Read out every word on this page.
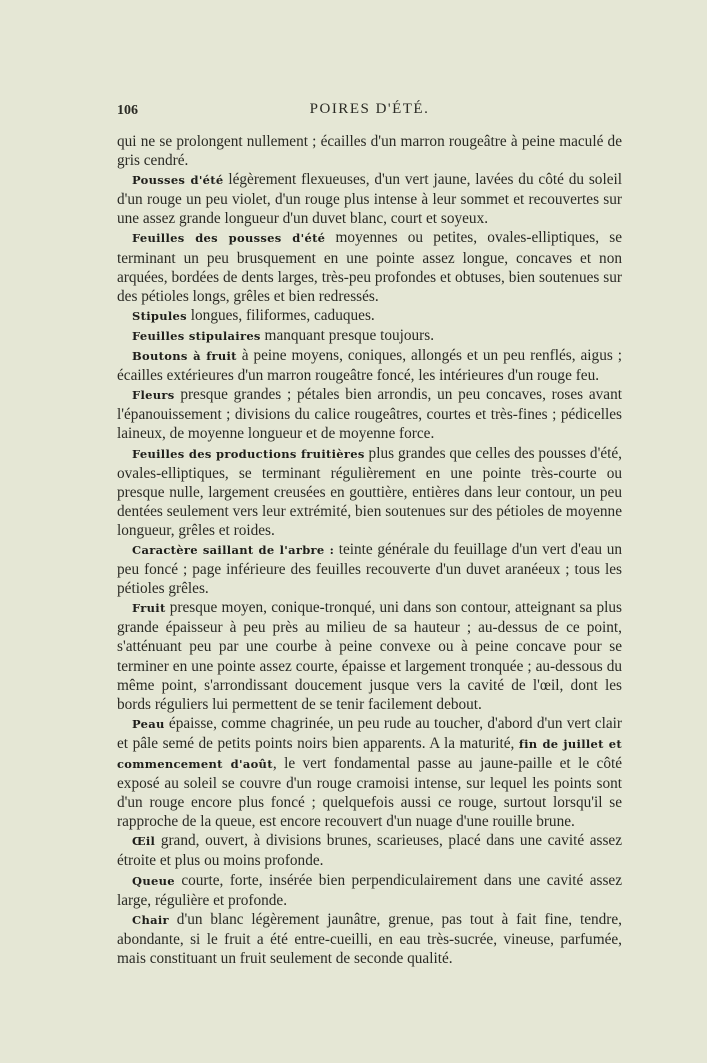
106	POIRES D'ÉTÉ.

qui ne se prolongent nullement ; écailles d'un marron rougeâtre à peine maculé de gris cendré.

Pousses d'été légèrement flexueuses, d'un vert jaune, lavées du côté du soleil d'un rouge un peu violet, d'un rouge plus intense à leur sommet et recouvertes sur une assez grande longueur d'un duvet blanc, court et soyeux.

Feuilles des pousses d'été moyennes ou petites, ovales-elliptiques, se terminant un peu brusquement en une pointe assez longue, concaves et non arquées, bordées de dents larges, très-peu profondes et obtuses, bien soutenues sur des pétioles longs, grêles et bien redressés.

Stipules longues, filiformes, caduques.

Feuilles stipulaires manquant presque toujours.

Boutons à fruit à peine moyens, coniques, allongés et un peu renflés, aigus ; écailles extérieures d'un marron rougeâtre foncé, les intérieures d'un rouge feu.

Fleurs presque grandes ; pétales bien arrondis, un peu concaves, roses avant l'épanouissement ; divisions du calice rougeâtres, courtes et très-fines ; pédicelles laineux, de moyenne longueur et de moyenne force.

Feuilles des productions fruitières plus grandes que celles des pousses d'été, ovales-elliptiques, se terminant régulièrement en une pointe très-courte ou presque nulle, largement creusées en gouttière, entières dans leur contour, un peu dentées seulement vers leur extrémité, bien soutenues sur des pétioles de moyenne longueur, grêles et roides.

Caractère saillant de l'arbre : teinte générale du feuillage d'un vert d'eau un peu foncé ; page inférieure des feuilles recouverte d'un duvet aranéeux ; tous les pétioles grêles.

Fruit presque moyen, conique-tronqué, uni dans son contour, atteignant sa plus grande épaisseur à peu près au milieu de sa hauteur ; au-dessus de ce point, s'atténuant peu par une courbe à peine convexe ou à peine concave pour se terminer en une pointe assez courte, épaisse et largement tronquée ; au-dessous du même point, s'arrondissant doucement jusque vers la cavité de l'œil, dont les bords réguliers lui permettent de se tenir facilement debout.

Peau épaisse, comme chagrinée, un peu rude au toucher, d'abord d'un vert clair et pâle semé de petits points noirs bien apparents. A la maturité, fin de juillet et commencement d'août, le vert fondamental passe au jaune-paille et le côté exposé au soleil se couvre d'un rouge cramoisi intense, sur lequel les points sont d'un rouge encore plus foncé ; quelquefois aussi ce rouge, surtout lorsqu'il se rapproche de la queue, est encore recouvert d'un nuage d'une rouille brune.

Œil grand, ouvert, à divisions brunes, scarieuses, placé dans une cavité assez étroite et plus ou moins profonde.

Queue courte, forte, insérée bien perpendiculairement dans une cavité assez large, régulière et profonde.

Chair d'un blanc légèrement jaunâtre, grenue, pas tout à fait fine, tendre, abondante, si le fruit a été entre-cueilli, en eau très-sucrée, vineuse, parfumée, mais constituant un fruit seulement de seconde qualité.
